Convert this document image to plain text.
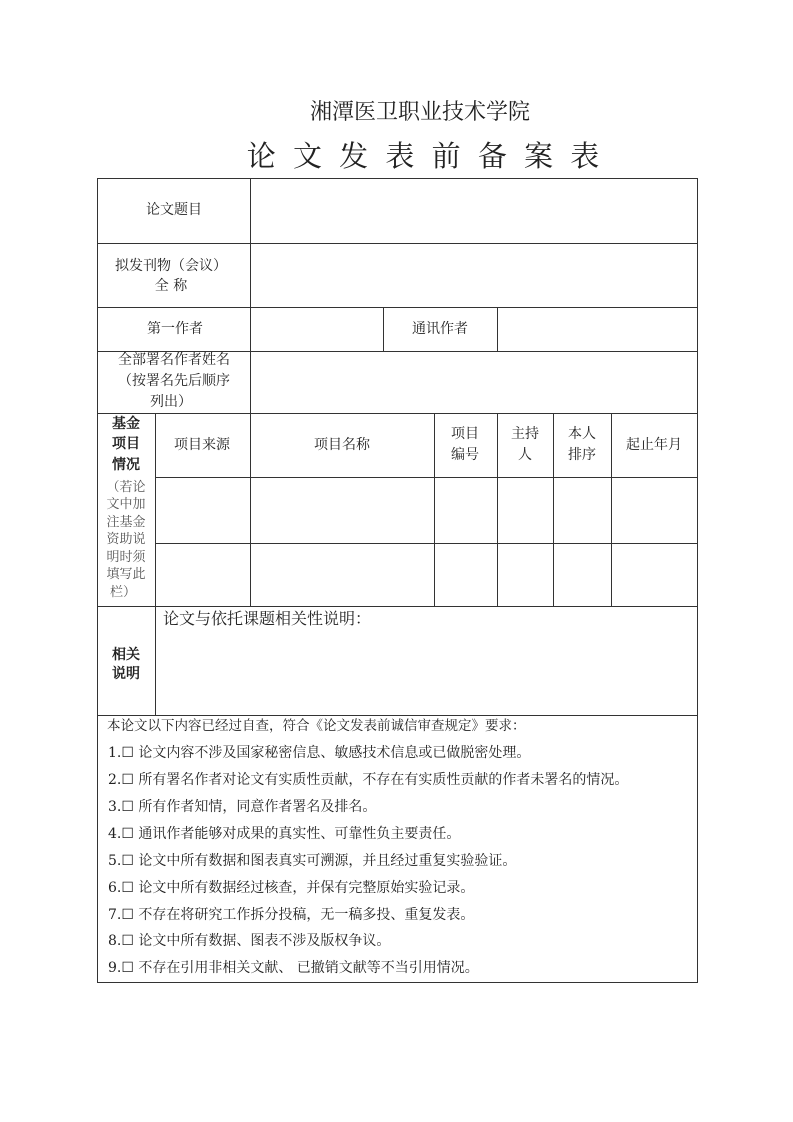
湘潭医卫职业技术学院
论 文 发 表 前 备 案 表
论文题目
拟发刊物（会议）
全 称
第一作者	通讯作者
全部署名作者姓名
（按署名先后顺序
列出）
基金
项目
情况
项目来源	项目名称
项目
编号
主持
人
本人
排序
起止年月
（若论
文中加
注基金
资助说
明时须
填写此
栏）
论文与依托课题相关性说明：
相关
说明
本论文以下内容已经过自查，符合《论文发表前诚信审查规定》要求：
1.☐ 论文内容不涉及国家秘密信息、敏感技术信息或已做脱密处理。
2.☐ 所有署名作者对论文有实质性贡献，不存在有实质性贡献的作者未署名的情况。
3.☐ 所有作者知情，同意作者署名及排名。
4.☐ 通讯作者能够对成果的真实性、可靠性负主要责任。
5.☐ 论文中所有数据和图表真实可溯源，并且经过重复实验验证。
6.☐ 论文中所有数据经过核查，并保有完整原始实验记录。
7.☐ 不存在将研究工作拆分投稿，无一稿多投、重复发表。
8.☐ 论文中所有数据、图表不涉及版权争议。
9.☐ 不存在引用非相关文献、 已撤销文献等不当引用情况。
